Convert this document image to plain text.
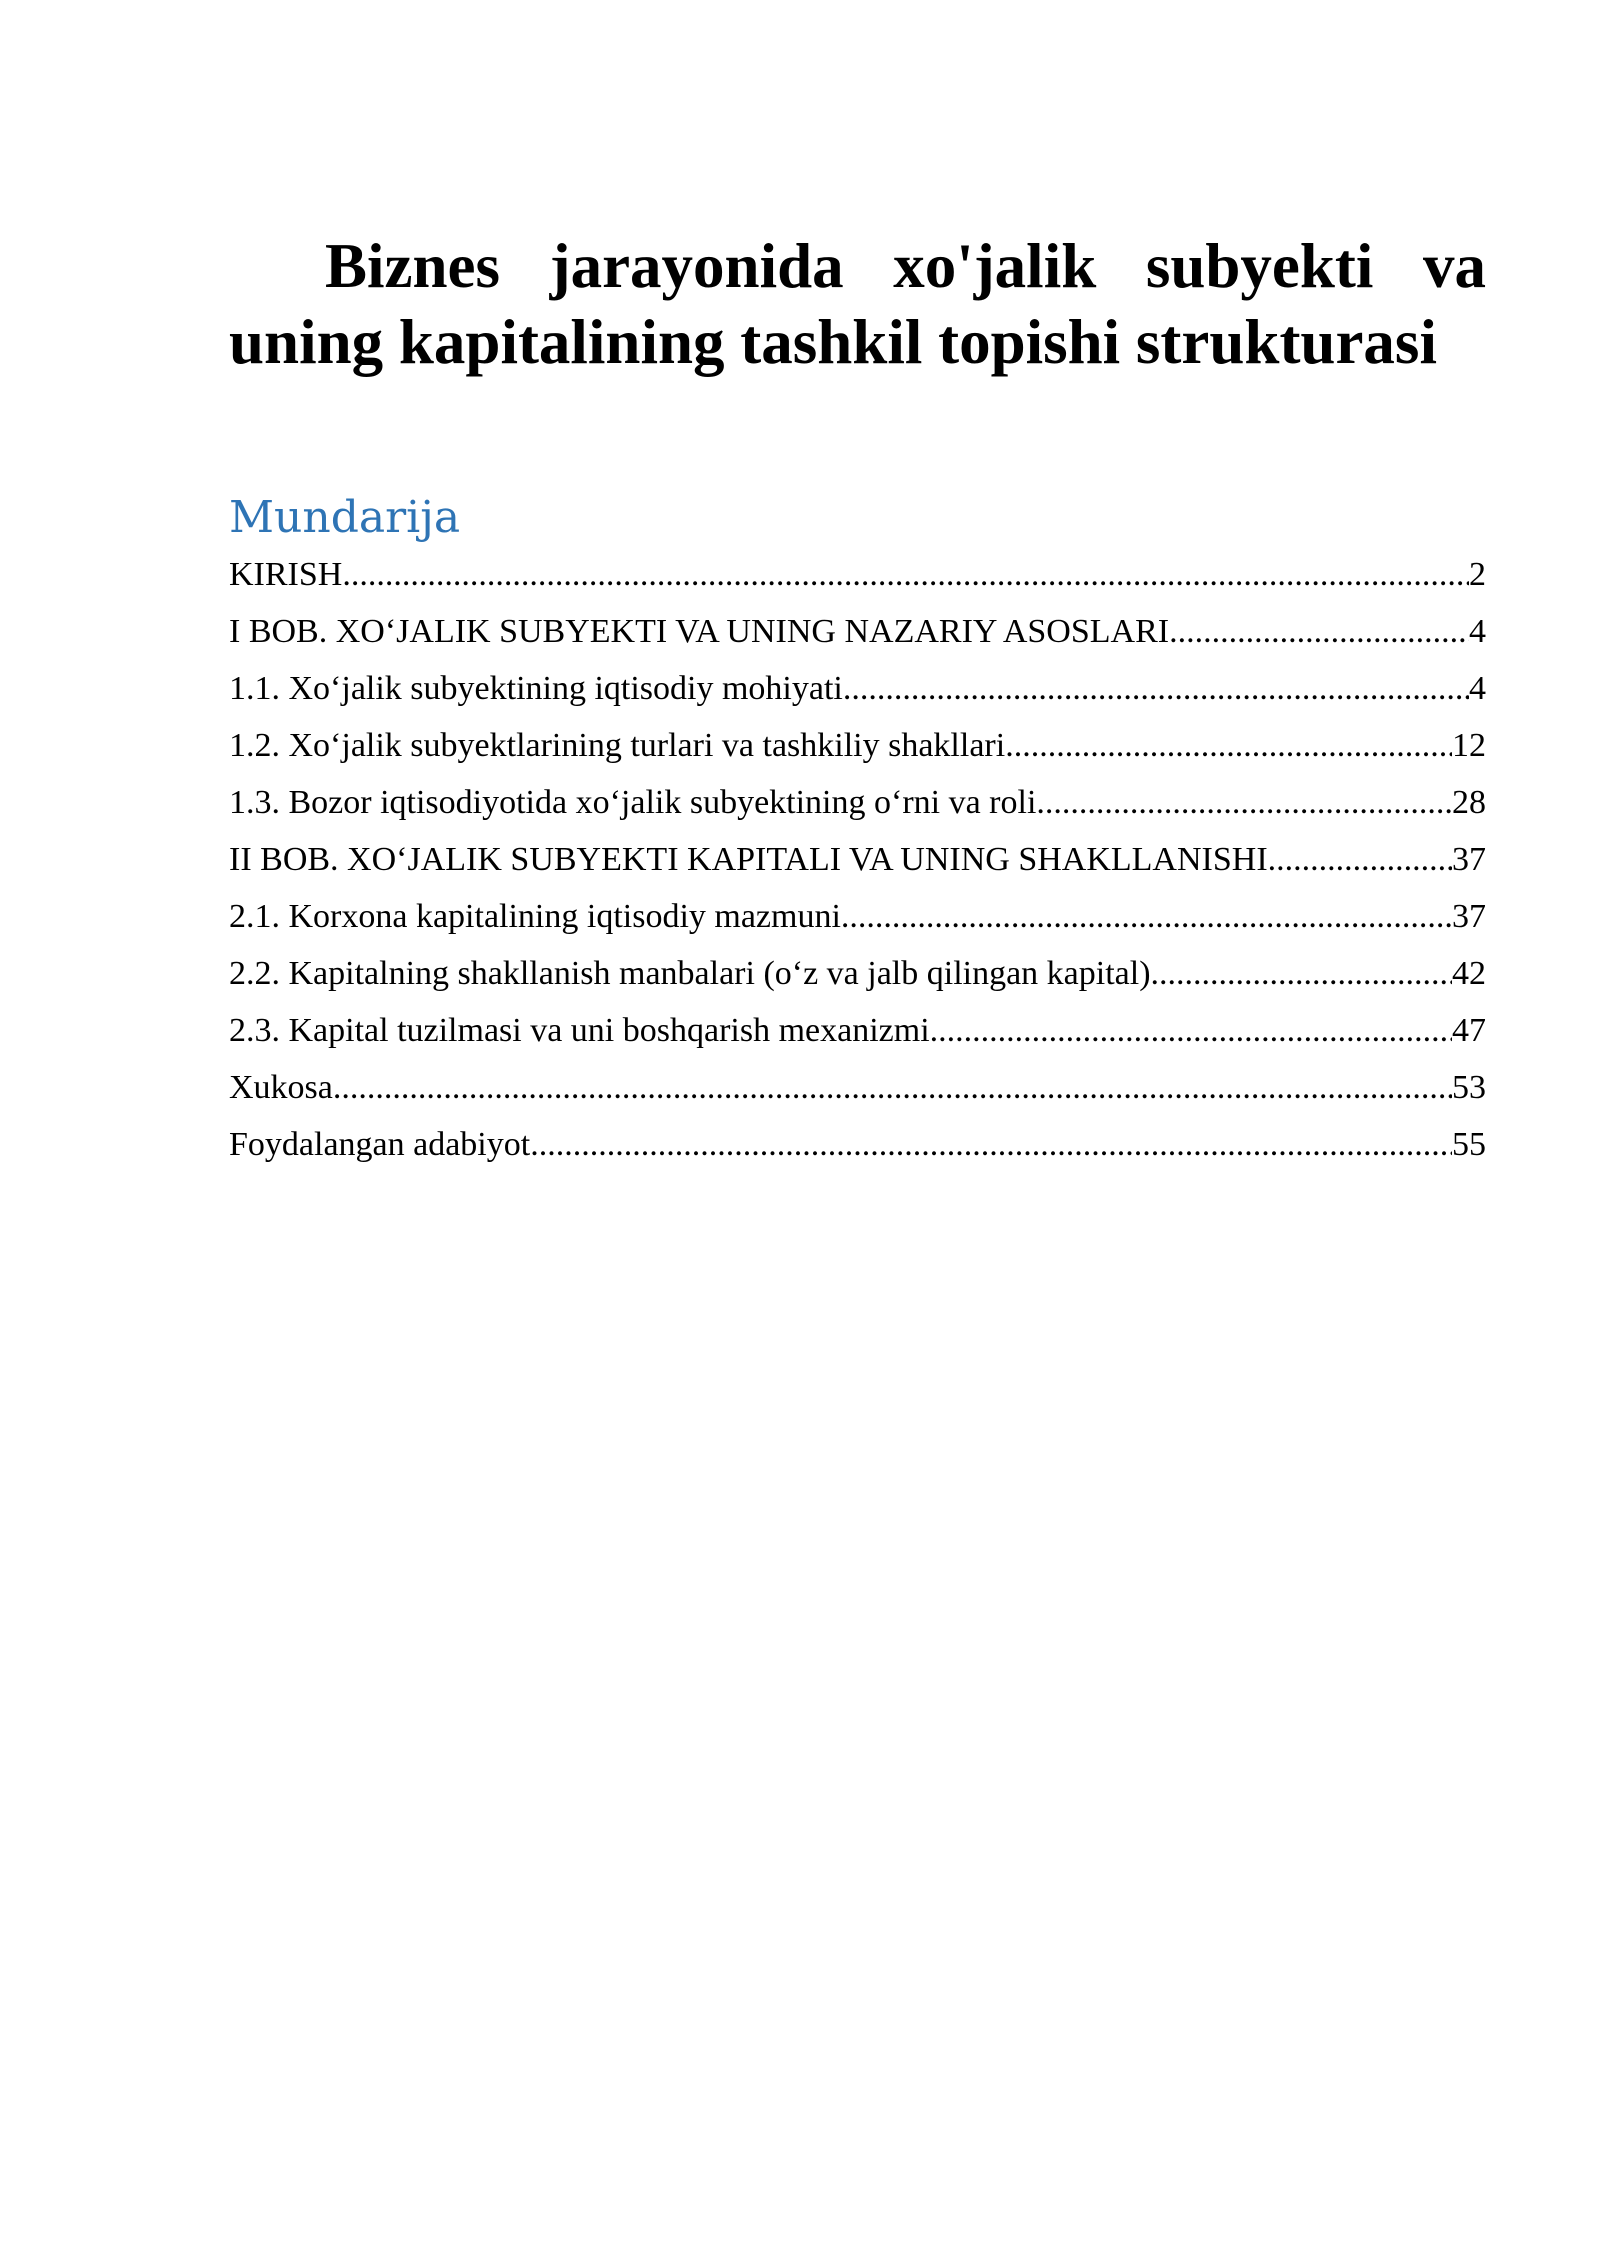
Biznes jarayonida xo'jalik subyekti va uning kapitalining tashkil topishi strukturasi
Mundarija
KIRISH .....	2
I BOB. XO‘JALIK SUBYEKTI VA UNING NAZARIY ASOSLARI .....	4
1.1. Xo‘jalik subyektining iqtisodiy mohiyati .....	4
1.2. Xo‘jalik subyektlarining turlari va tashkiliy shakllari .....	12
1.3. Bozor iqtisodiyotida xo‘jalik subyektining o‘rni va roli .....	28
II BOB. XO‘JALIK SUBYEKTI KAPITALI VA UNING SHAKLLANISHI .....	37
2.1. Korxona kapitalining iqtisodiy mazmuni .....	37
2.2. Kapitalning shakllanish manbalari (o‘z va jalb qilingan kapital) .....	42
2.3. Kapital tuzilmasi va uni boshqarish mexanizmi .....	47
Xukosa .....	53
Foydalangan adabiyot .....	55
